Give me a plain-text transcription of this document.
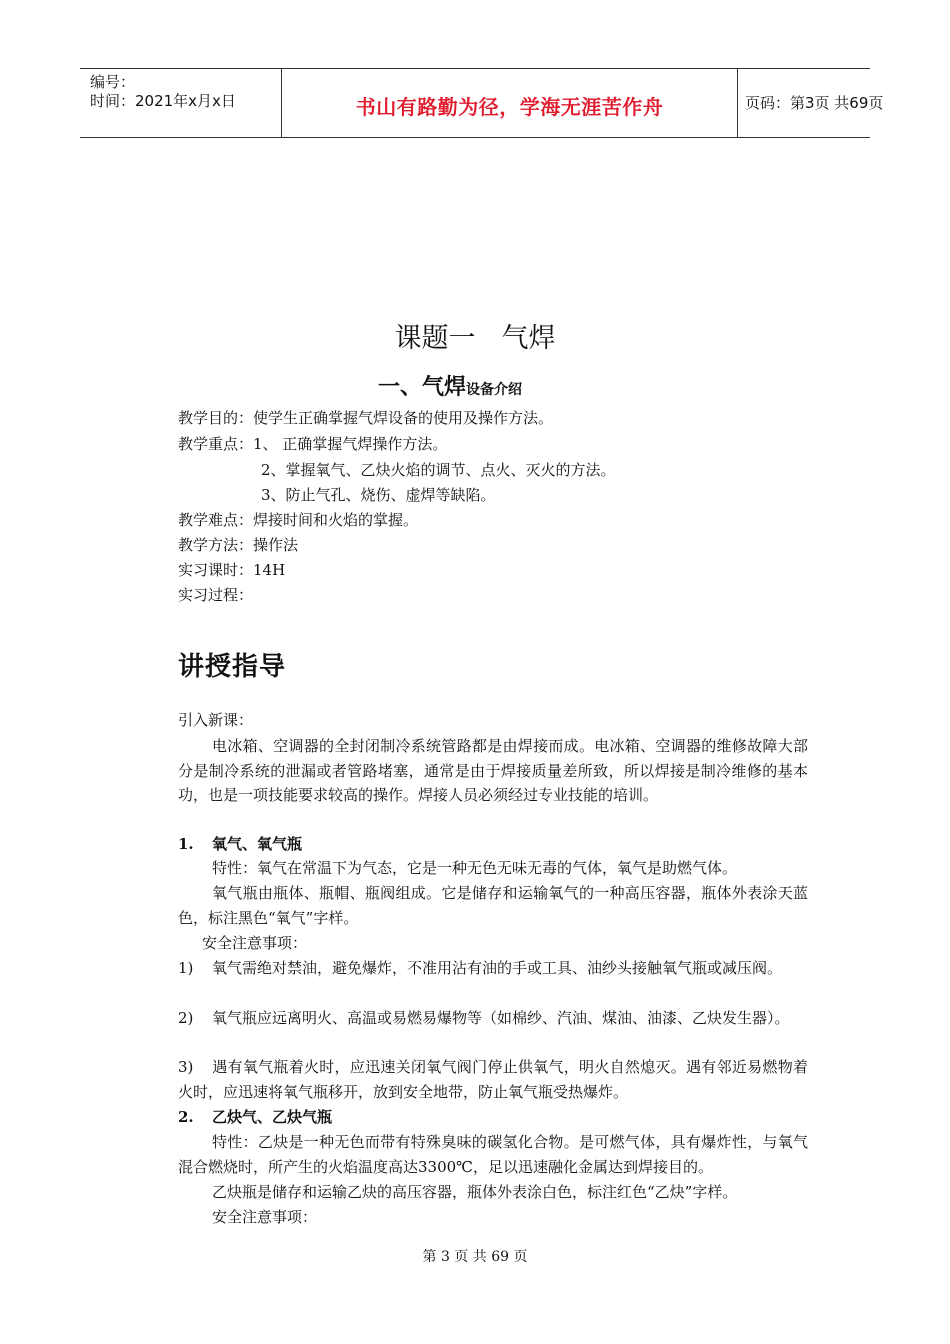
编号：
时间：2021年x月x日	书山有路勤为径，学海无涯苦作舟	页码：第3页 共69页
课题一 气焊
一、气焊设备介绍
教学目的：使学生正确掌握气焊设备的使用及操作方法。
教学重点：1、 正确掌握气焊操作方法。
2、掌握氧气、乙炔火焰的调节、点火、灭火的方法。
3、防止气孔、烧伤、虚焊等缺陷。
教学难点：焊接时间和火焰的掌握。
教学方法：操作法
实习课时：14H
实习过程：
讲授指导
引入新课：
电冰箱、空调器的全封闭制冷系统管路都是由焊接而成。电冰箱、空调器的维修故障大部分是制冷系统的泄漏或者管路堵塞，通常是由于焊接质量差所致，所以焊接是制冷维修的基本功，也是一项技能要求较高的操作。焊接人员必须经过专业技能的培训。
1. 氧气、氧气瓶
特性：氧气在常温下为气态，它是一种无色无味无毒的气体，氧气是助燃气体。
氧气瓶由瓶体、瓶帽、瓶阀组成。它是储存和运输氧气的一种高压容器，瓶体外表涂天蓝色，标注黑色“氧气”字样。
安全注意事项：
1) 氧气需绝对禁油，避免爆炸，不准用沾有油的手或工具、油纱头接触氧气瓶或减压阀。
2) 氧气瓶应远离明火、高温或易燃易爆物等（如棉纱、汽油、煤油、油漆、乙炔发生器）。
3) 遇有氧气瓶着火时，应迅速关闭氧气阀门停止供氧气，明火自然熄灭。遇有邻近易燃物着火时，应迅速将氧气瓶移开，放到安全地带，防止氧气瓶受热爆炸。
2. 乙炔气、乙炔气瓶
特性：乙炔是一种无色而带有特殊臭味的碳氢化合物。是可燃气体，具有爆炸性，与氧气混合燃烧时，所产生的火焰温度高达3300℃，足以迅速融化金属达到焊接目的。
乙炔瓶是储存和运输乙炔的高压容器，瓶体外表涂白色，标注红色“乙炔”字样。
安全注意事项：
第 3 页 共 69 页
